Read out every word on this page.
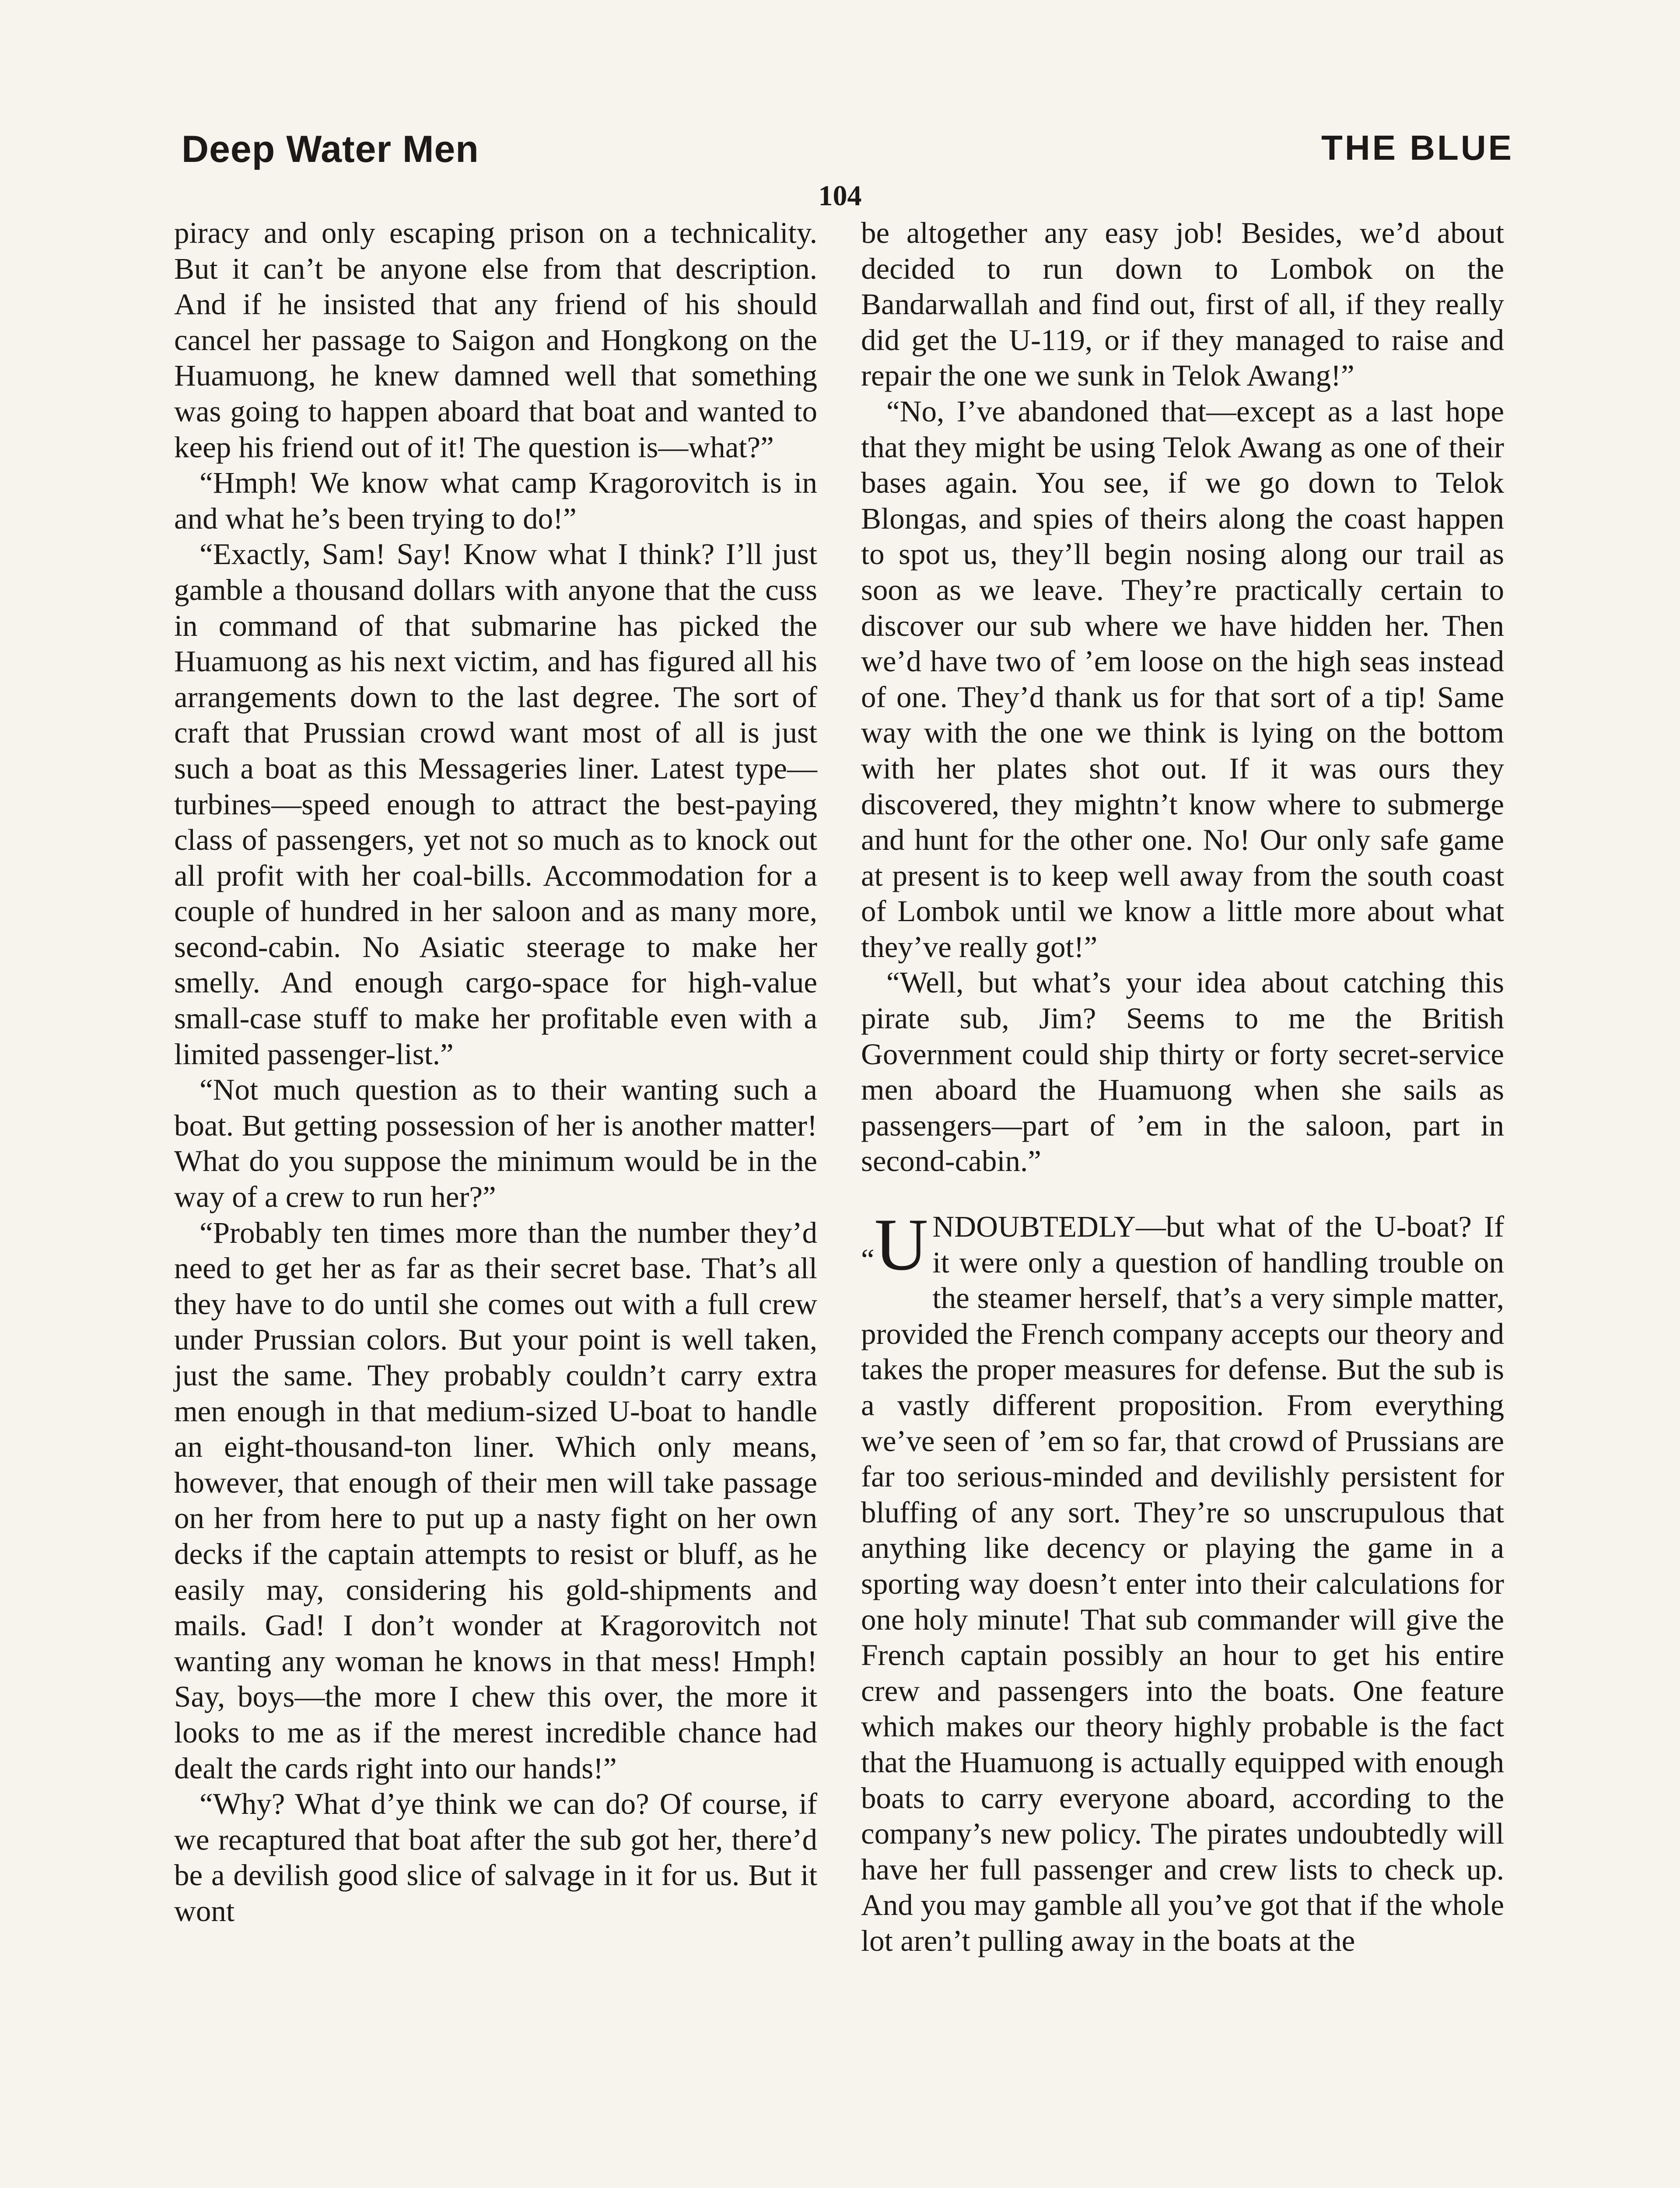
Deep Water Men	THE BLUE
104

piracy and only escaping prison on a technicality. But it can’t be anyone else from that description. And if he insisted that any friend of his should cancel her passage to Saigon and Hongkong on the Huamuong, he knew damned well that something was going to happen aboard that boat and wanted to keep his friend out of it! The question is—what?”

“Hmph! We know what camp Kragorovitch is in and what he’s been trying to do!”

“Exactly, Sam! Say! Know what I think? I’ll just gamble a thousand dollars with anyone that the cuss in command of that submarine has picked the Huamuong as his next victim, and has figured all his arrangements down to the last degree. The sort of craft that Prussian crowd want most of all is just such a boat as this Messageries liner. Latest type—turbines—speed enough to attract the best-paying class of passengers, yet not so much as to knock out all profit with her coal-bills. Accommodation for a couple of hundred in her saloon and as many more, second-cabin. No Asiatic steerage to make her smelly. And enough cargo-space for high-value small-case stuff to make her profitable even with a limited passenger-list.”

“Not much question as to their wanting such a boat. But getting possession of her is another matter! What do you suppose the minimum would be in the way of a crew to run her?”

“Probably ten times more than the number they’d need to get her as far as their secret base. That’s all they have to do until she comes out with a full crew under Prussian colors. But your point is well taken, just the same. They probably couldn’t carry extra men enough in that medium-sized U-boat to handle an eight-thousand-ton liner. Which only means, however, that enough of their men will take passage on her from here to put up a nasty fight on her own decks if the captain attempts to resist or bluff, as he easily may, considering his gold-shipments and mails. Gad! I don’t wonder at Kragorovitch not wanting any woman he knows in that mess! Hmph! Say, boys—the more I chew this over, the more it looks to me as if the merest incredible chance had dealt the cards right into our hands!”

“Why? What d’ye think we can do? Of course, if we recaptured that boat after the sub got her, there’d be a devilish good slice of salvage in it for us. But it wont

be altogether any easy job! Besides, we’d about decided to run down to Lombok on the Bandarwallah and find out, first of all, if they really did get the U-119, or if they managed to raise and repair the one we sunk in Telok Awang!”

“No, I’ve abandoned that—except as a last hope that they might be using Telok Awang as one of their bases again. You see, if we go down to Telok Blongas, and spies of theirs along the coast happen to spot us, they’ll begin nosing along our trail as soon as we leave. They’re practically certain to discover our sub where we have hidden her. Then we’d have two of ’em loose on the high seas instead of one. They’d thank us for that sort of a tip! Same way with the one we think is lying on the bottom with her plates shot out. If it was ours they discovered, they mightn’t know where to submerge and hunt for the other one. No! Our only safe game at present is to keep well away from the south coast of Lombok until we know a little more about what they’ve really got!”

“Well, but what’s your idea about catching this pirate sub, Jim? Seems to me the British Government could ship thirty or forty secret-service men aboard the Huamuong when she sails as passengers—part of ’em in the saloon, part in second-cabin.”

“U NDOUBTEDLY—but what of the U-boat? If it were only a question of handling trouble on the steamer herself, that’s a very simple matter, provided the French company accepts our theory and takes the proper measures for defense. But the sub is a vastly different proposition. From everything we’ve seen of ’em so far, that crowd of Prussians are far too serious-minded and devilishly persistent for bluffing of any sort. They’re so unscrupulous that anything like decency or playing the game in a sporting way doesn’t enter into their calculations for one holy minute! That sub commander will give the French captain possibly an hour to get his entire crew and passengers into the boats. One feature which makes our theory highly probable is the fact that the Huamuong is actually equipped with enough boats to carry everyone aboard, according to the company’s new policy. The pirates undoubtedly will have her full passenger and crew lists to check up. And you may gamble all you’ve got that if the whole lot aren’t pulling away in the boats at the
